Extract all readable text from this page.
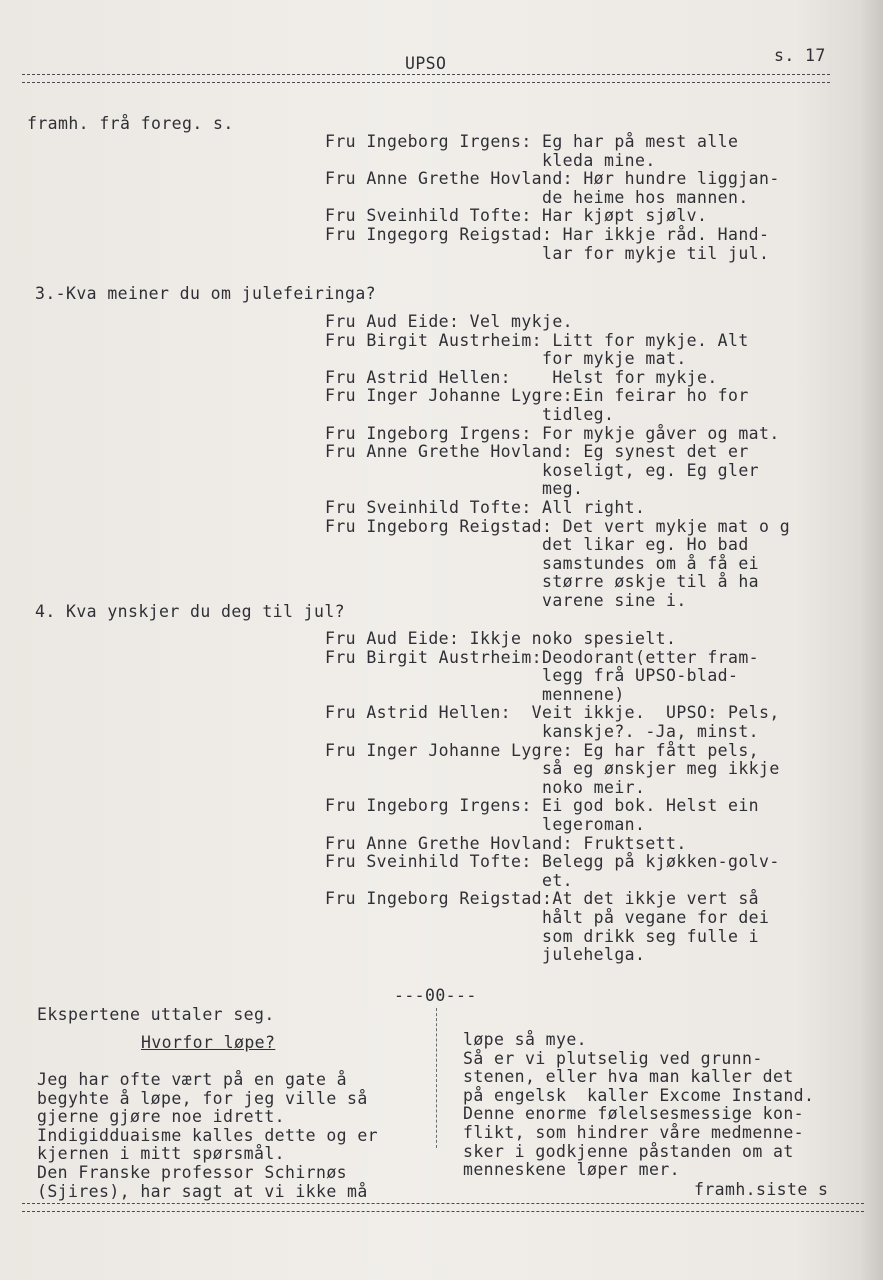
UPSO	s. 17
framh. frå foreg. s.
Fru Ingeborg Irgens: Eg har på mest alle
kleda mine.
Fru Anne Grethe Hovland: Hør hundre liggjan-
de heime hos mannen.
Fru Sveinhild Tofte: Har kjøpt sjølv.
Fru Ingegorg Reigstad: Har ikkje råd. Hand-
lar for mykje til jul.
3.-Kva meiner du om julefeiringa?
Fru Aud Eide: Vel mykje.
Fru Birgit Austrheim: Litt for mykje. Alt
for mykje mat.
Fru Astrid Hellen:    Helst for mykje.
Fru Inger Johanne Lygre:Ein feirar ho for
tidleg.
Fru Ingeborg Irgens: For mykje gåver og mat.
Fru Anne Grethe Hovland: Eg synest det er
koseligt, eg. Eg gler
meg.
Fru Sveinhild Tofte: All right.
Fru Ingeborg Reigstad: Det vert mykje mat o g
det likar eg. Ho bad
samstundes om å få ei
større øskje til å ha
varene sine i.
4. Kva ynskjer du deg til jul?
Fru Aud Eide: Ikkje noko spesielt.
Fru Birgit Austrheim:Deodorant(etter fram-
legg frå UPSO-blad-
mennene)
Fru Astrid Hellen:  Veit ikkje.  UPSO: Pels,
kanskje?. -Ja, minst.
Fru Inger Johanne Lygre: Eg har fått pels,
så eg ønskjer meg ikkje
noko meir.
Fru Ingeborg Irgens: Ei god bok. Helst ein
legeroman.
Fru Anne Grethe Hovland: Fruktsett.
Fru Sveinhild Tofte: Belegg på kjøkken-golv-
et.
Fru Ingeborg Reigstad:At det ikkje vert så
hålt på vegane for dei
som drikk seg fulle i
julehelga.
---00---
Ekspertene uttaler seg.
Hvorfor løpe?
Jeg har ofte vært på en gate å
begyhte å løpe, for jeg ville så
gjerne gjøre noe idrett.
Indigidduaisme kalles dette og er
kjernen i mitt spørsmål.
Den Franske professor Schirnøs
(Sjires), har sagt at vi ikke må
løpe så mye.
Så er vi plutselig ved grunn-
stenen, eller hva man kaller det
på engelsk  kaller Excome Instand.
Denne enorme følelsesmessige kon-
flikt, som hindrer våre medmenne-
sker i godkjenne påstanden om at
menneskene løper mer.
framh.siste s
